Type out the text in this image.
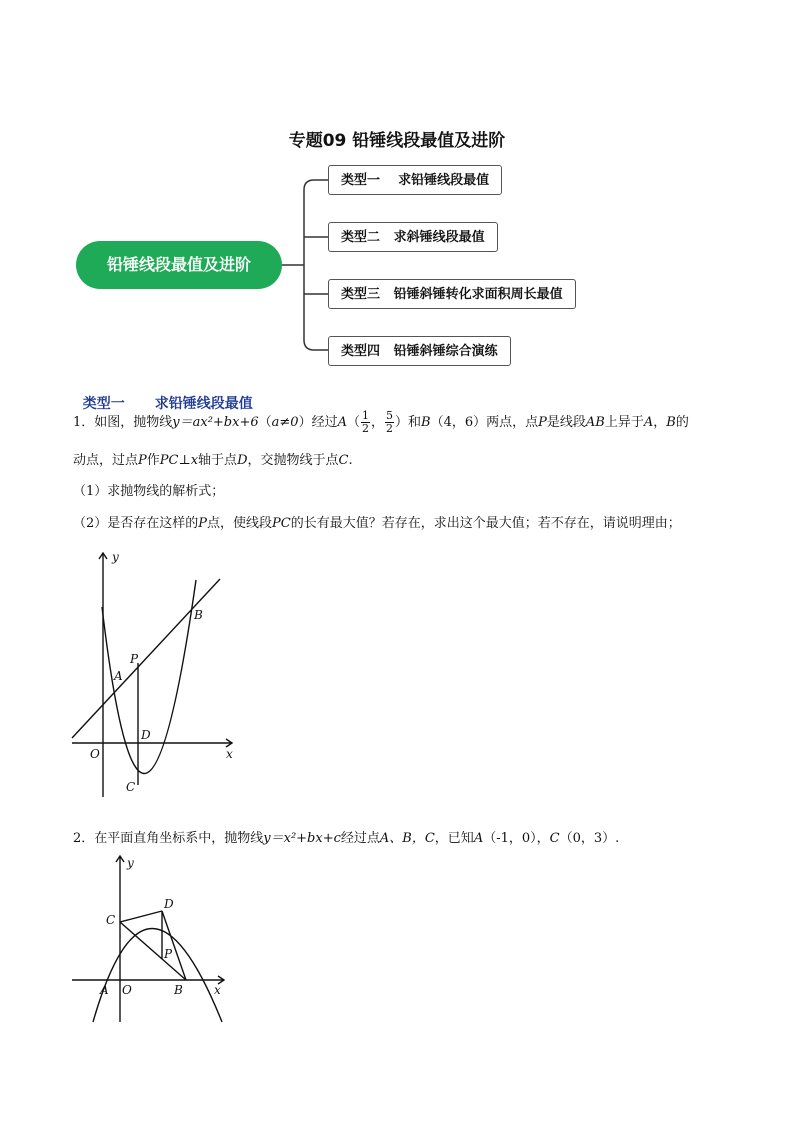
专题09 铅锤线段最值及进阶
铅锤线段最值及进阶
类型一    求铅锤线段最值
类型二   求斜锤线段最值
类型三   铅锤斜锤转化求面积周长最值
类型四   铅锤斜锤综合演练

类型一 求铅锤线段最值

1．如图，抛物线y＝ax²+bx+6（a≠0）经过$A( \frac{1}{2}$ ， $\frac{5}{2}$ ）和B（4，6）两点，点P是线段AB上异于A，B的
动点，过点P作PC⊥x轴于点D，交抛物线于点C.
（1）求抛物线的解析式；
（2）是否存在这样的P点，使线段PC的长有最大值？若存在，求出这个最大值；若不存在，请说明理由；
y
x
O
A
B
P
D
C
2．在平面直角坐标系中，抛物线y＝x²+bx+c经过点A、B，C，已知A（-1，0），C（0，3）.
y
x
O
A	B
C
D
P
